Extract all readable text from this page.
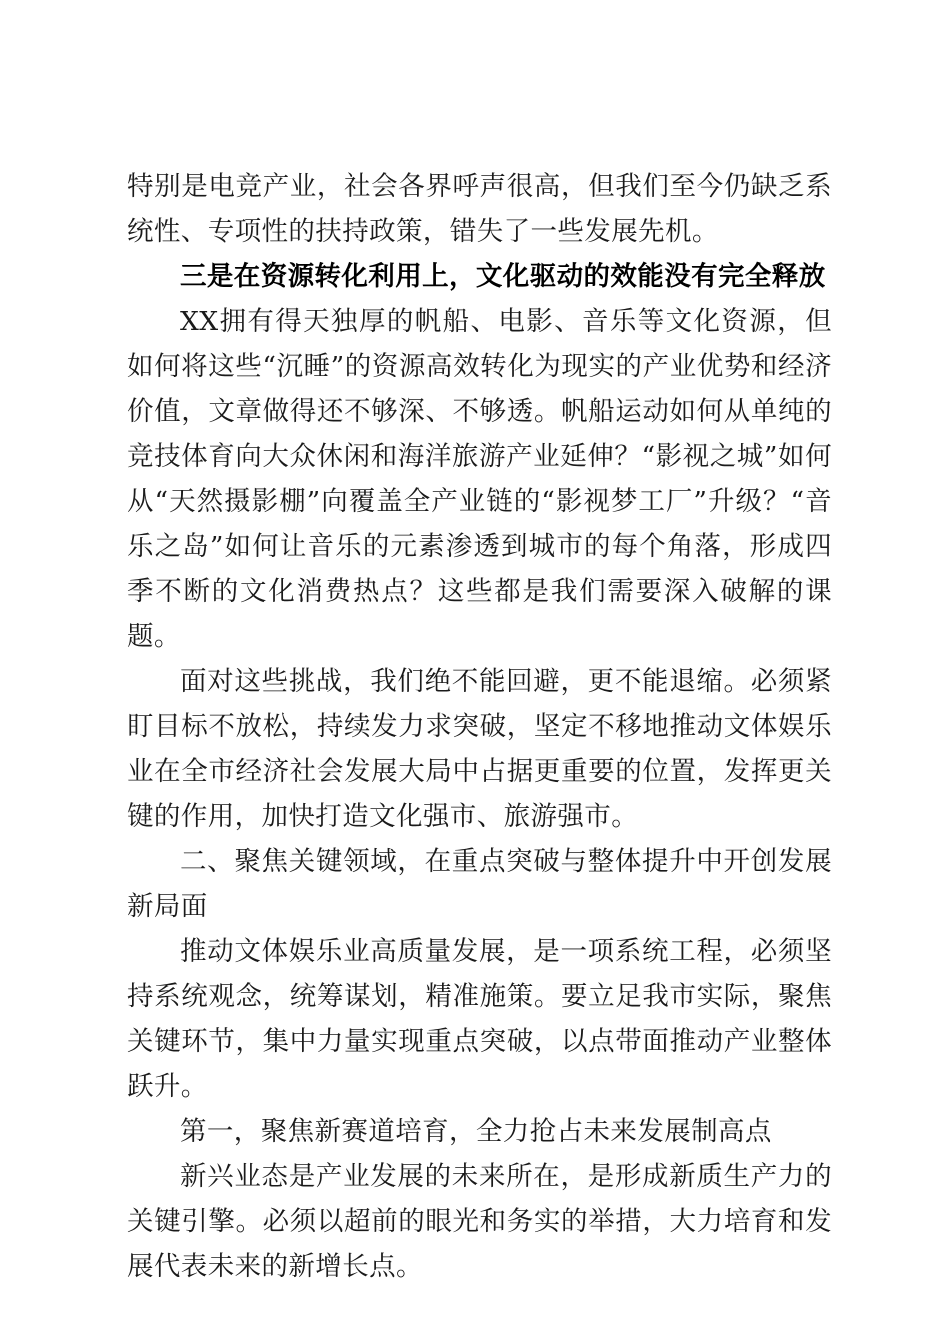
特别是电竞产业，社会各界呼声很高，但我们至今仍缺乏系统性、专项性的扶持政策，错失了一些发展先机。

三是在资源转化利用上，文化驱动的效能没有完全释放

XX拥有得天独厚的帆船、电影、音乐等文化资源，但如何将这些“沉睡”的资源高效转化为现实的产业优势和经济价值，文章做得还不够深、不够透。帆船运动如何从单纯的竞技体育向大众休闲和海洋旅游产业延伸？“影视之城”如何从“天然摄影棚”向覆盖全产业链的“影视梦工厂”升级？“音乐之岛”如何让音乐的元素渗透到城市的每个角落，形成四季不断的文化消费热点？这些都是我们需要深入破解的课题。

面对这些挑战，我们绝不能回避，更不能退缩。必须紧盯目标不放松，持续发力求突破，坚定不移地推动文体娱乐业在全市经济社会发展大局中占据更重要的位置，发挥更关键的作用，加快打造文化强市、旅游强市。

二、聚焦关键领域，在重点突破与整体提升中开创发展新局面

推动文体娱乐业高质量发展，是一项系统工程，必须坚持系统观念，统筹谋划，精准施策。要立足我市实际，聚焦关键环节，集中力量实现重点突破，以点带面推动产业整体跃升。

第一，聚焦新赛道培育，全力抢占未来发展制高点

新兴业态是产业发展的未来所在，是形成新质生产力的关键引擎。必须以超前的眼光和务实的举措，大力培育和发展代表未来的新增长点。
